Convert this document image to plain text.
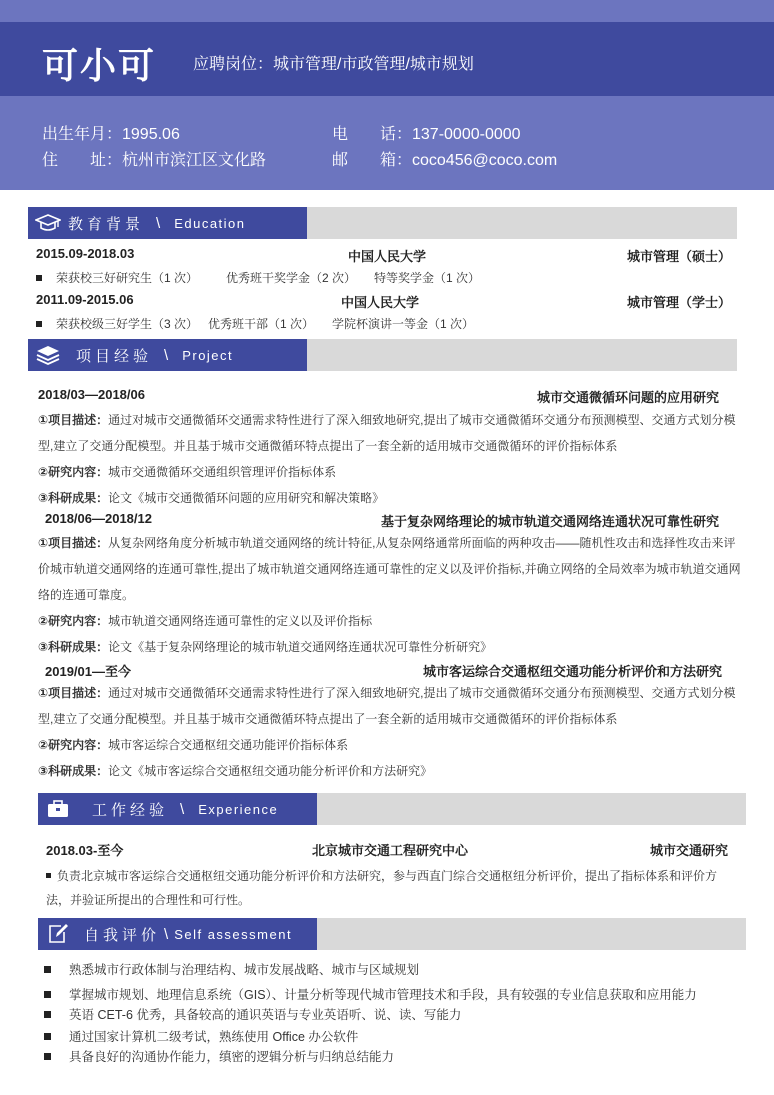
可小可 应聘岗位：城市管理/市政管理/城市规划
出生年月：1995.06
住　　址：杭州市滨江区文化路
电　　话：137-0000-0000
邮　　箱：coco456@coco.com
教育背景 \ Education
2015.09-2018.03	中国人民大学	城市管理（硕士）
荣获校三好研究生（1 次） 优秀班干奖学金（2 次） 特等奖学金（1 次）
2011.09-2015.06	中国人民大学	城市管理（学士）
荣获校级三好学生（3 次） 优秀班干部（1 次） 学院杯演讲一等金（1 次）
项目经验 \ Project
2018/03—2018/06	城市交通微循环问题的应用研究
①项目描述：通过对城市交通微循环交通需求特性进行了深入细致地研究,提出了城市交通微循环交通分布预测模型、交通方式划分模
型,建立了交通分配模型。并且基于城市交通微循环特点提出了一套全新的适用城市交通微循环的评价指标体系
②研究内容：城市交通微循环交通组织管理评价指标体系
③科研成果：论文《城市交通微循环问题的应用研究和解决策略》
2018/06—2018/12	基于复杂网络理论的城市轨道交通网络连通状况可靠性研究
①项目描述：从复杂网络角度分析城市轨道交通网络的统计特征,从复杂网络通常所面临的两种攻击——随机性攻击和选择性攻击来评
价城市轨道交通网络的连通可靠性,提出了城市轨道交通网络连通可靠性的定义以及评价指标,并确立网络的全局效率为城市轨道交通网
络的连通可靠度。
②研究内容：城市轨道交通网络连通可靠性的定义以及评价指标
③科研成果：论文《基于复杂网络理论的城市轨道交通网络连通状况可靠性分析研究》
2019/01—至今	城市客运综合交通枢纽交通功能分析评价和方法研究
①项目描述：通过对城市交通微循环交通需求特性进行了深入细致地研究,提出了城市交通微循环交通分布预测模型、交通方式划分模
型,建立了交通分配模型。并且基于城市交通微循环特点提出了一套全新的适用城市交通微循环的评价指标体系
②研究内容：城市客运综合交通枢纽交通功能评价指标体系
③科研成果：论文《城市客运综合交通枢纽交通功能分析评价和方法研究》
工作经验 \ Experience
2018.03-至今	北京城市交通工程研究中心	城市交通研究
负责北京城市客运综合交通枢纽交通功能分析评价和方法研究，参与西直门综合交通枢纽分析评价，提出了指标体系和评价方
法，并验证所提出的合理性和可行性。
自我评价 \ Self assessment
熟悉城市行政体制与治理结构、城市发展战略、城市与区域规划
掌握城市规划、地理信息系统（GIS）、计量分析等现代城市管理技术和手段，具有较强的专业信息获取和应用能力
英语 CET-6 优秀，具备较高的通识英语与专业英语听、说、读、写能力
通过国家计算机二级考试，熟练使用 Office 办公软件
具备良好的沟通协作能力，缜密的逻辑分析与归纳总结能力
